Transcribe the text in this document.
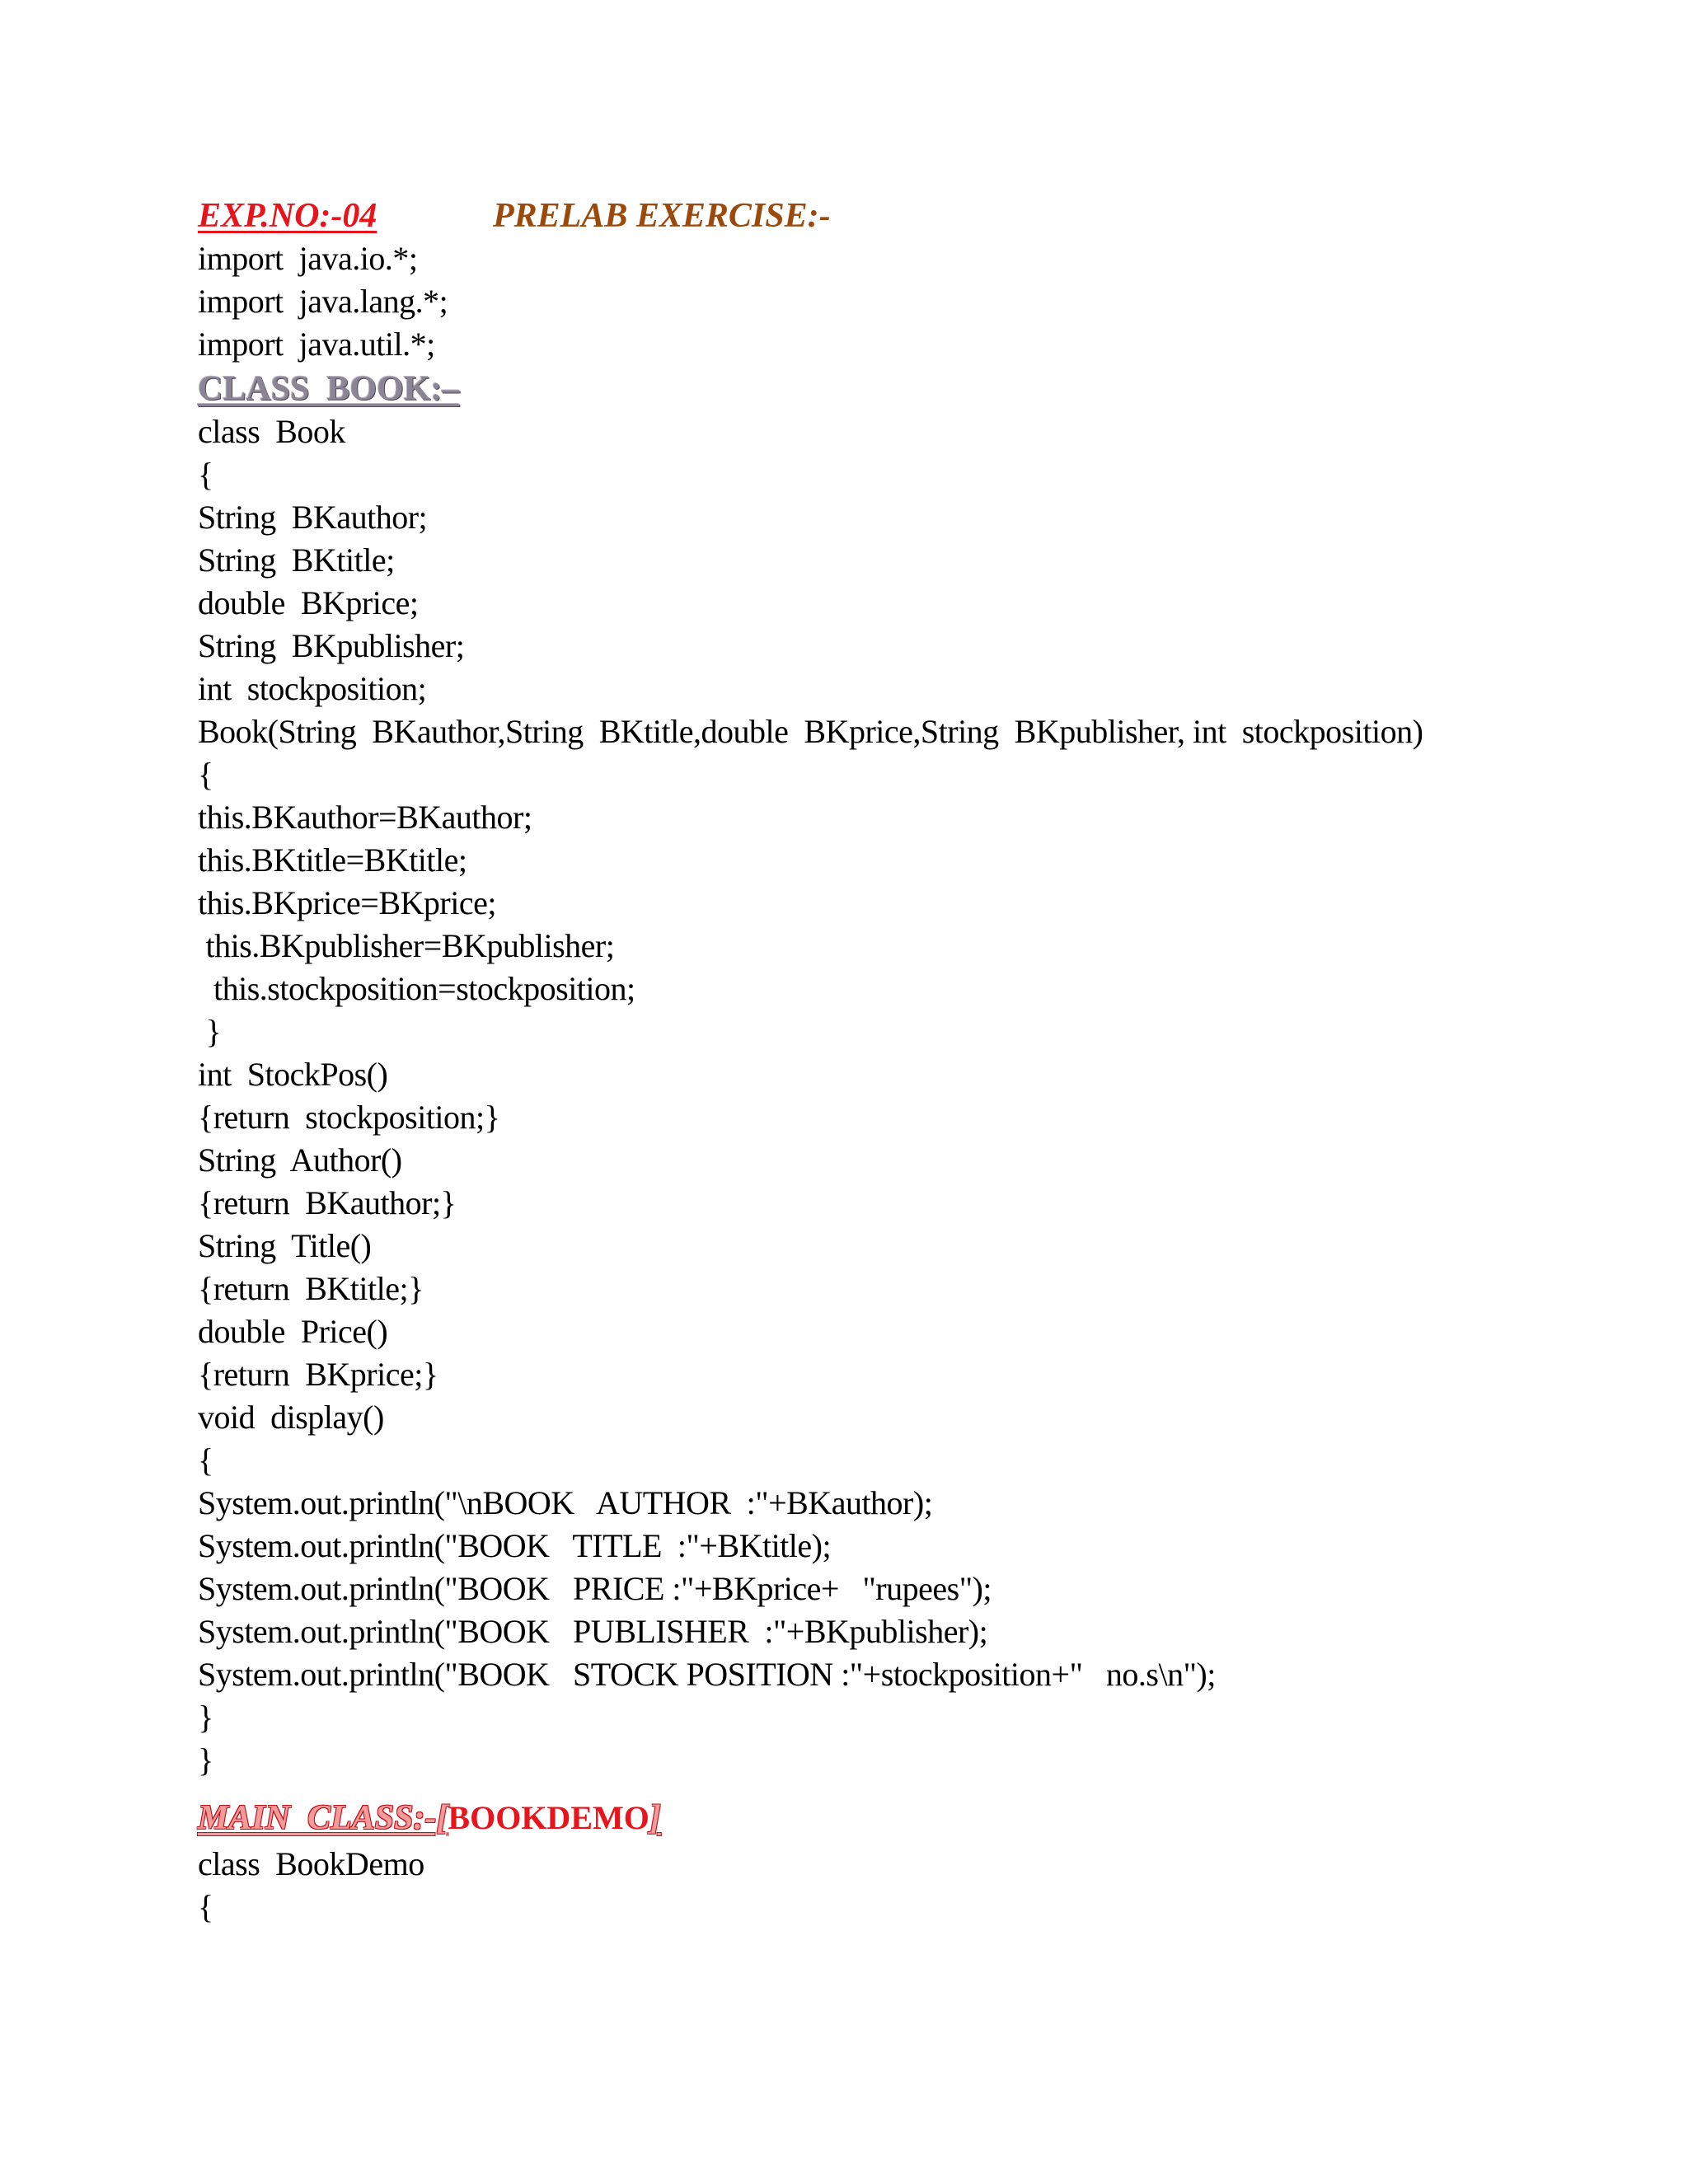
EXP.NO:-04	PRELAB EXERCISE:-
import  java.io.*;
import  java.lang.*;
import  java.util.*;
CLASS  BOOK:–
class  Book
{
String  BKauthor;
String  BKtitle;
double  BKprice;
String  BKpublisher;
int  stockposition;
Book(String  BKauthor,String  BKtitle,double  BKprice,String  BKpublisher, int  stockposition)
{
this.BKauthor=BKauthor;
this.BKtitle=BKtitle;
this.BKprice=BKprice;
this.BKpublisher=BKpublisher;
this.stockposition=stockposition;
}
int  StockPos()
{return  stockposition;}
String  Author()
{return  BKauthor;}
String  Title()
{return  BKtitle;}
double  Price()
{return  BKprice;}
void  display()
{
System.out.println("\nBOOK   AUTHOR  :"+BKauthor);
System.out.println("BOOK   TITLE  :"+BKtitle);
System.out.println("BOOK   PRICE :"+BKprice+   "rupees");
System.out.println("BOOK   PUBLISHER  :"+BKpublisher);
System.out.println("BOOK   STOCK POSITION :"+stockposition+"   no.s\n");
}
}
MAIN  CLASS:-[BOOKDEMO]
class  BookDemo
{
